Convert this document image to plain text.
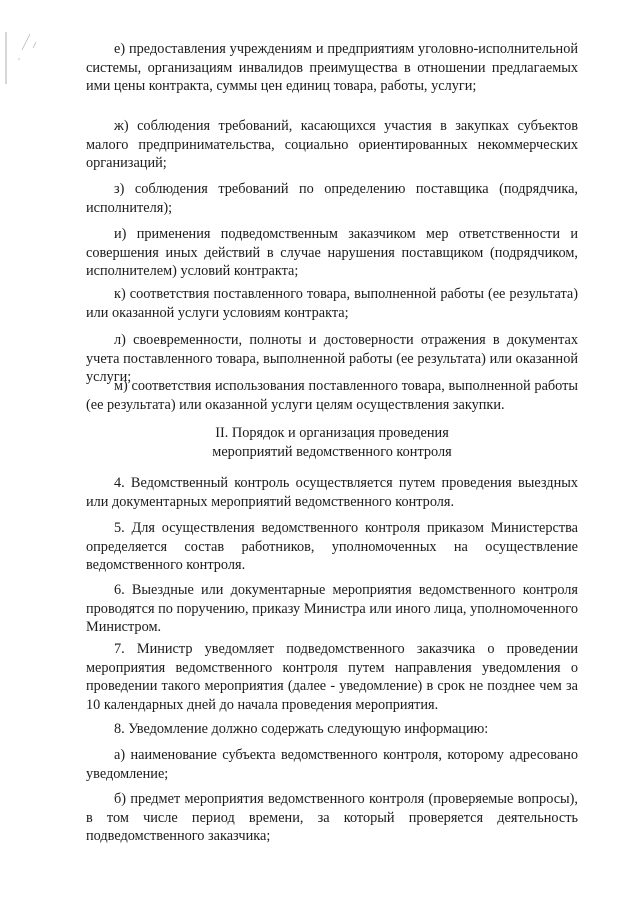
е) предоставления учреждениям и предприятиям уголовно-исполнительной системы, организациям инвалидов преимущества в отношении предлагаемых ими цены контракта, суммы цен единиц товара, работы, услуги;

ж) соблюдения требований, касающихся участия в закупках субъектов малого предпринимательства, социально ориентированных некоммерческих организаций;

з) соблюдения требований по определению поставщика (подрядчика, исполнителя);

и) применения подведомственным заказчиком мер ответственности и совершения иных действий в случае нарушения поставщиком (подрядчиком, исполнителем) условий контракта;

к) соответствия поставленного товара, выполненной работы (ее результата) или оказанной услуги условиям контракта;

л) своевременности, полноты и достоверности отражения в документах учета поставленного товара, выполненной работы (ее результата) или оказанной услуги;

м) соответствия использования поставленного товара, выполненной работы (ее результата) или оказанной услуги целям осуществления закупки.

II. Порядок и организация проведения
мероприятий ведомственного контроля

4. Ведомственный контроль осуществляется путем проведения выездных или документарных мероприятий ведомственного контроля.

5. Для осуществления ведомственного контроля приказом Министерства определяется состав работников, уполномоченных на осуществление ведомственного контроля.

6. Выездные или документарные мероприятия ведомственного контроля проводятся по поручению, приказу Министра или иного лица, уполномоченного Министром.

7. Министр уведомляет подведомственного заказчика о проведении мероприятия ведомственного контроля путем направления уведомления о проведении такого мероприятия (далее - уведомление) в срок не позднее чем за 10 календарных дней до начала проведения мероприятия.

8. Уведомление должно содержать следующую информацию:

а) наименование субъекта ведомственного контроля, которому адресовано уведомление;

б) предмет мероприятия ведомственного контроля (проверяемые вопросы), в том числе период времени, за который проверяется деятельность подведомственного заказчика;
